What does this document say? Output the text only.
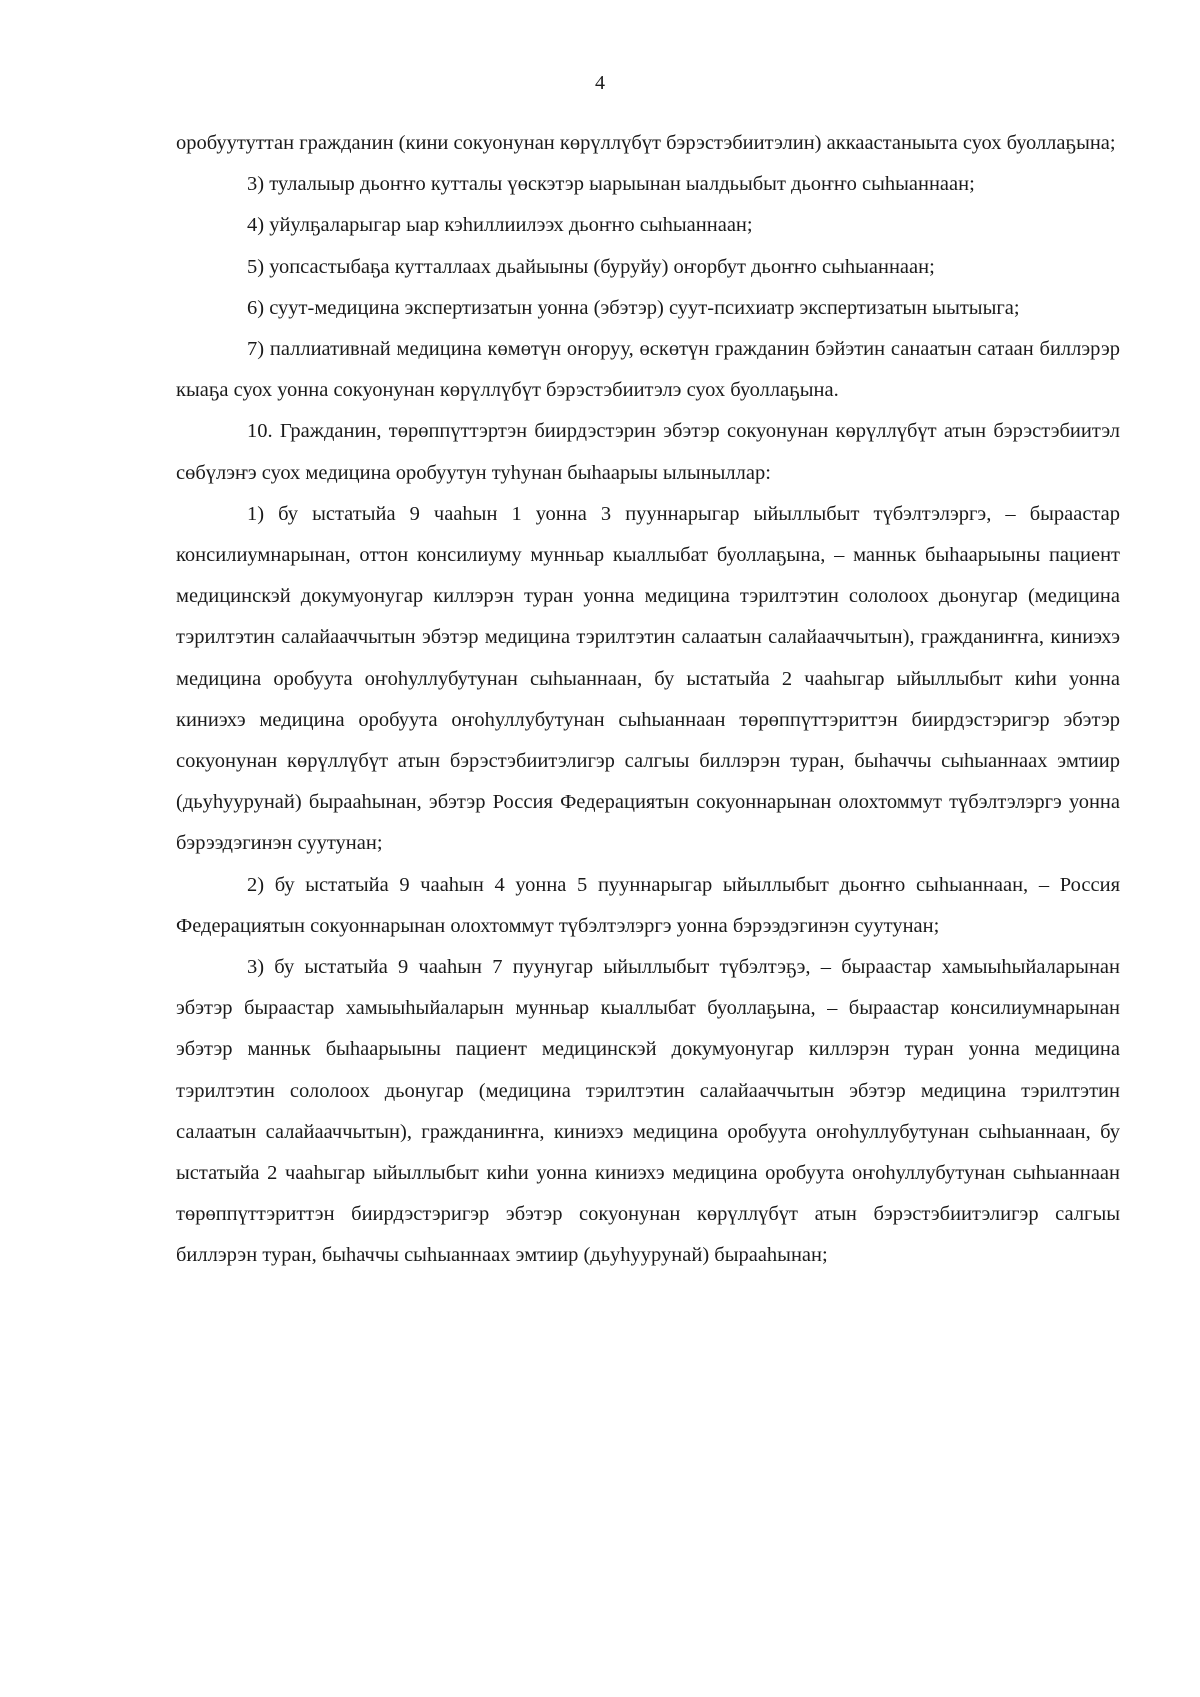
4

оробуутуттан гражданин (кини сокуонунан көрүллүбүт бэрэстэбиитэлин) аккаастаныыта суох буоллаҕына;

3) тулалыыр дьоҥҥо кутталы үөскэтэр ыарыынан ыалдьыбыт дьоҥҥо сыһыаннаан;

4) уйулҕаларыгар ыар кэһиллиилээх дьоҥҥо сыһыаннаан;

5) уопсастыбаҕа кутталлаах дьайыыны (буруйу) оҥорбут дьоҥҥо сыһыаннаан;

6) суут-медицина экспертизатын уонна (эбэтэр) суут-психиатр экспертизатын ыытыыга;

7) паллиативнай медицина көмөтүн оҥоруу, өскөтүн гражданин бэйэтин санаатын сатаан биллэрэр кыаҕа суох уонна сокуонунан көрүллүбүт бэрэстэбиитэлэ суох буоллаҕына.

10. Гражданин, төрөппүттэртэн биирдэстэрин эбэтэр сокуонунан көрүллүбүт атын бэрэстэбиитэл сөбүлэҥэ суох медицина оробуутун туһунан быһаарыы ылыныллар:

1) бу ыстатыйа 9 чааһын 1 уонна 3 пууннарыгар ыйыллыбыт түбэлтэлэргэ, – быраастар консилиумнарынан, оттон консилиуму мунньар кыаллыбат буоллаҕына, – манньк быһаарыыны пациент медицинскэй докумуонугар киллэрэн туран уонна медицина тэрилтэтин сололоох дьонугар (медицина тэрилтэтин салайааччытын эбэтэр медицина тэрилтэтин салаатын салайааччытын), гражданиҥҥа, киниэхэ медицина оробуута оҥоһуллубутунан сыһыаннаан, бу ыстатыйа 2 чааһыгар ыйыллыбыт киһи уонна киниэхэ медицина оробуута оҥоһуллубутунан сыһыаннаан төрөппүттэриттэн биирдэстэригэр эбэтэр сокуонунан көрүллүбүт атын бэрэстэбиитэлигэр салгыы биллэрэн туран, быһаччы сыһыаннаах эмтиир (дьуһуурунай) бырааһынан, эбэтэр Россия Федерациятын сокуоннарынан олохтоммут түбэлтэлэргэ уонна бэрээдэгинэн суутунан;

2) бу ыстатыйа 9 чааһын 4 уонна 5 пууннарыгар ыйыллыбыт дьоҥҥо сыһыаннаан, – Россия Федерациятын сокуоннарынан олохтоммут түбэлтэлэргэ уонна бэрээдэгинэн суутунан;

3) бу ыстатыйа 9 чааһын 7 пуунугар ыйыллыбыт түбэлтэҕэ, – быраастар хамыыһыйаларынан эбэтэр быраастар хамыыһыйаларын мунньар кыаллыбат буоллаҕына, – быраастар консилиумнарынан эбэтэр манньк быһаарыыны пациент медицинскэй докумуонугар киллэрэн туран уонна медицина тэрилтэтин сололоох дьонугар (медицина тэрилтэтин салайааччытын эбэтэр медицина тэрилтэтин салаатын салайааччытын), гражданиҥҥа, киниэхэ медицина оробуута оҥоһуллубутунан сыһыаннаан, бу ыстатыйа 2 чааһыгар ыйыллыбыт киһи уонна киниэхэ медицина оробуута оҥоһуллубутунан сыһыаннаан төрөппүттэриттэн биирдэстэригэр эбэтэр сокуонунан көрүллүбүт атын бэрэстэбиитэлигэр салгыы биллэрэн туран, быһаччы сыһыаннаах эмтиир (дьуһуурунай) бырааһынан;
